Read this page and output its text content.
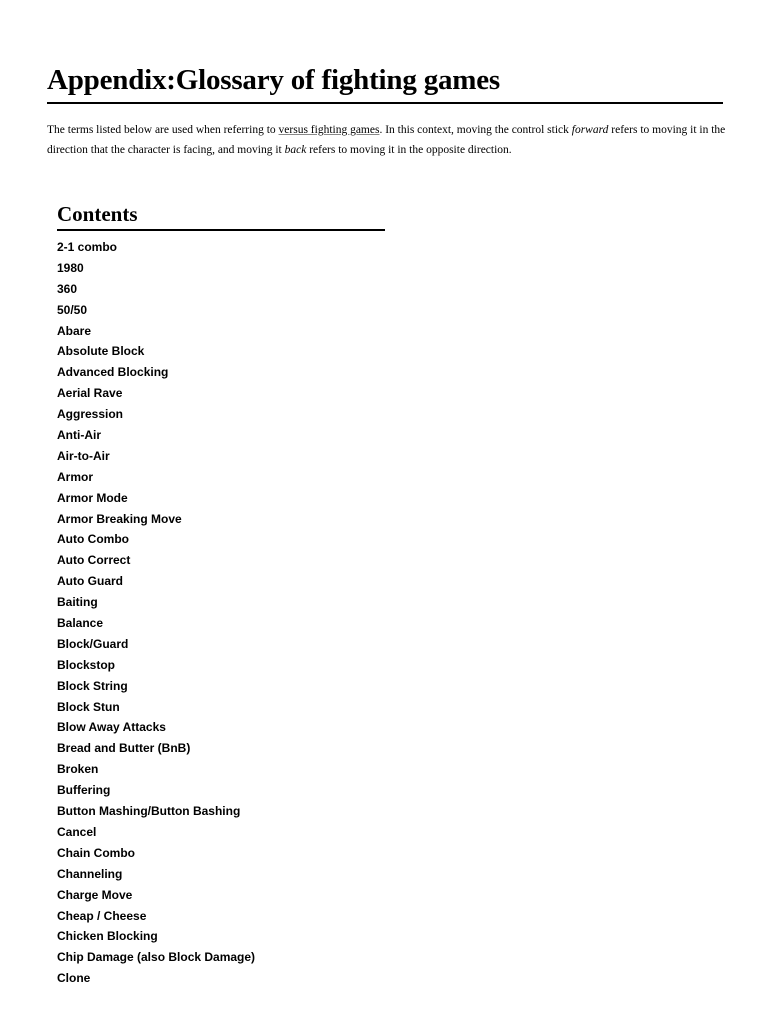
Appendix:Glossary of fighting games

The terms listed below are used when referring to versus fighting games. In this context, moving the control stick forward refers to moving it in the direction that the character is facing, and moving it back refers to moving it in the opposite direction.

Contents
2-1 combo
1980
360
50/50
Abare
Absolute Block
Advanced Blocking
Aerial Rave
Aggression
Anti-Air
Air-to-Air
Armor
Armor Mode
Armor Breaking Move
Auto Combo
Auto Correct
Auto Guard
Baiting
Balance
Block/Guard
Blockstop
Block String
Block Stun
Blow Away Attacks
Bread and Butter (BnB)
Broken
Buffering
Button Mashing/Button Bashing
Cancel
Chain Combo
Channeling
Charge Move
Cheap / Cheese
Chicken Blocking
Chip Damage (also Block Damage)
Clone
